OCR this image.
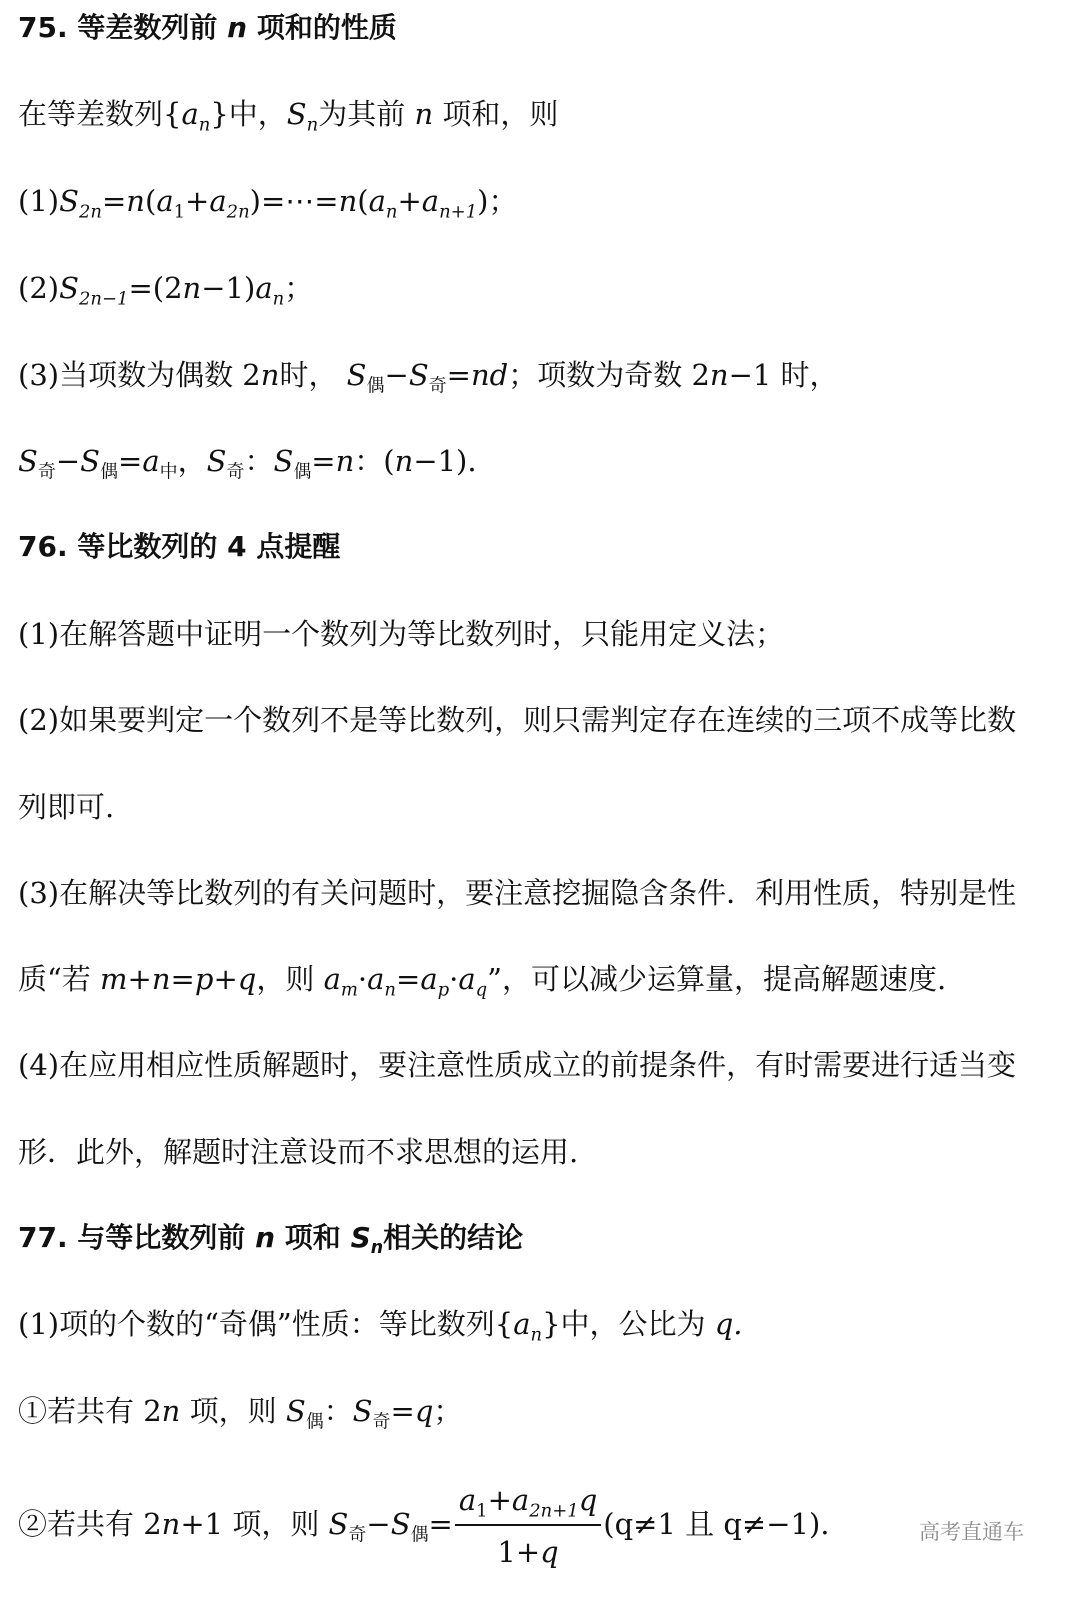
75. 等差数列前 n 项和的性质
在等差数列$\{a_n\}$中，$S_n$为其前 n 项和，则
$(1)S_{2n}=n(a_1+a_{2n})=\cdots=n(a_n+a_{n+1})$；
$(2)S_{2n-1}=(2n-1)a_n$；
(3)当项数为偶数 2n时， $S_偶-S_奇=nd$；项数为奇数 2n−1 时，
$S_奇-S_偶=a_中$，$S_奇$：$S_偶=n$：(n−1).
76. 等比数列的 4 点提醒
(1)在解答题中证明一个数列为等比数列时，只能用定义法；
(2)如果要判定一个数列不是等比数列，则只需判定存在连续的三项不成等比数
列即可.
(3)在解决等比数列的有关问题时，要注意挖掘隐含条件．利用性质，特别是性
质“若 m+n=p+q，则 $a_m\cdot a_n=a_p\cdot a_q$”，可以减少运算量，提高解题速度.
(4)在应用相应性质解题时，要注意性质成立的前提条件，有时需要进行适当变
形．此外，解题时注意设而不求思想的运用.
77. 与等比数列前 n 项和 $S_n$相关的结论
(1)项的个数的“奇偶”性质：等比数列$\{a_n\}$中，公比为 q.
①若共有 2n 项，则 $S_偶$：$S_奇=q$；
②若共有 2n+1 项，则 $S_奇-S_偶= \frac{a_1+a_{2n+1}q}{1+q} (q\ne 1$ 且 q≠−1).	高考直通车
